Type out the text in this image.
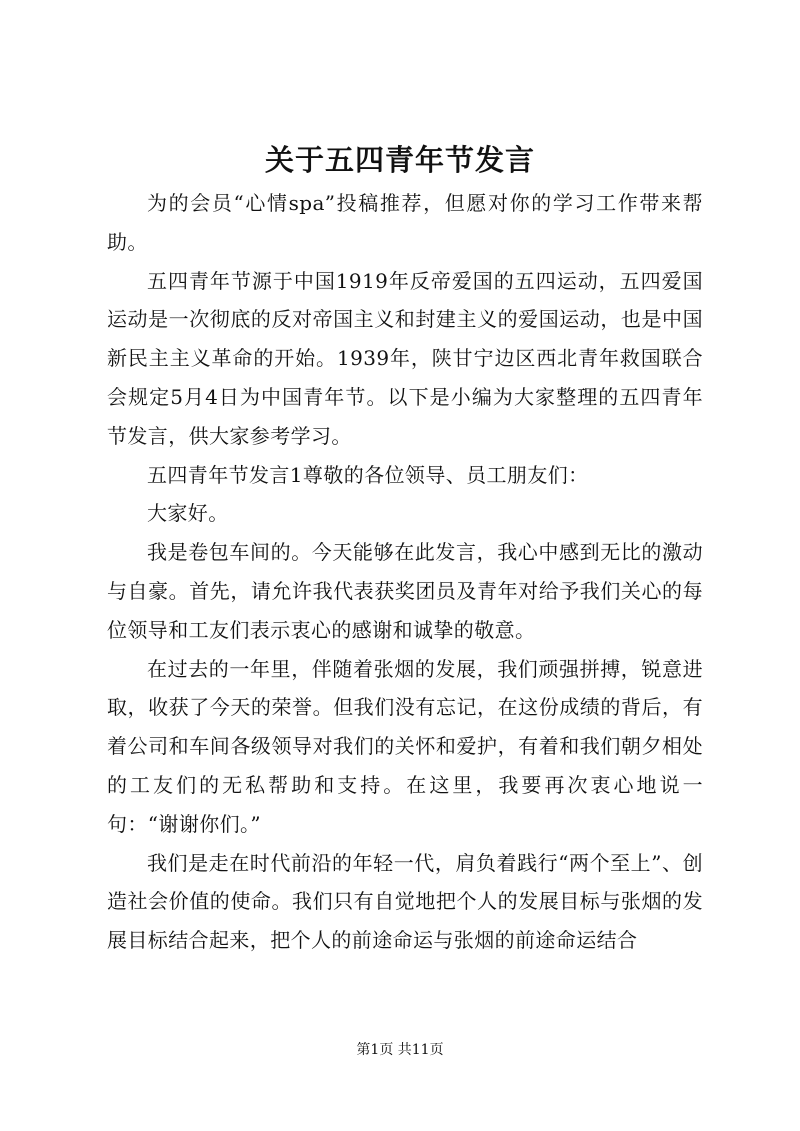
关于五四青年节发言

为的会员“心情spa”投稿推荐，但愿对你的学习工作带来帮助。

五四青年节源于中国1919年反帝爱国的五四运动，五四爱国运动是一次彻底的反对帝国主义和封建主义的爱国运动，也是中国新民主主义革命的开始。1939年，陕甘宁边区西北青年救国联合会规定5月4日为中国青年节。以下是小编为大家整理的五四青年节发言，供大家参考学习。

五四青年节发言1尊敬的各位领导、员工朋友们：

大家好。

我是卷包车间的。今天能够在此发言，我心中感到无比的激动与自豪。首先，请允许我代表获奖团员及青年对给予我们关心的每位领导和工友们表示衷心的感谢和诚挚的敬意。

在过去的一年里，伴随着张烟的发展，我们顽强拼搏，锐意进取，收获了今天的荣誉。但我们没有忘记，在这份成绩的背后，有着公司和车间各级领导对我们的关怀和爱护，有着和我们朝夕相处的工友们的无私帮助和支持。在这里，我要再次衷心地说一句：“谢谢你们。”

我们是走在时代前沿的年轻一代，肩负着践行“两个至上”、创造社会价值的使命。我们只有自觉地把个人的发展目标与张烟的发展目标结合起来，把个人的前途命运与张烟的前途命运结合

第1页 共11页
